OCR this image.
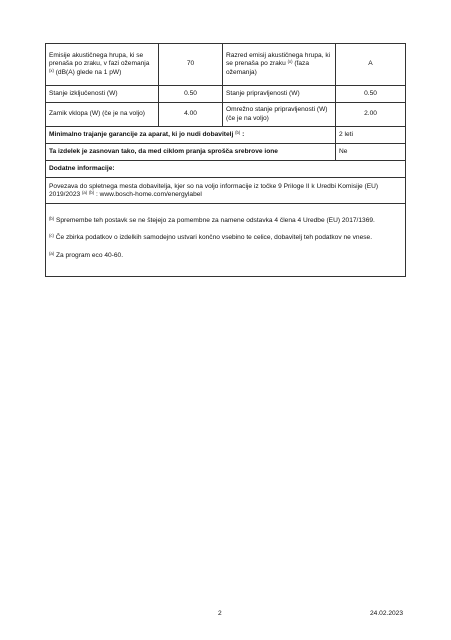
Emisije akustičnega hrupa, ki se prenaša po zraku, v fazi ožemanja $^{(x)}$ (dB(A) glede na 1 pW)	70	Razred emisij akustičnega hrupa, ki se prenaša po zraku $^{(x)}$ (faza ožemanja)	A
Stanje izključenosti (W)	0.50	Stanje pripravljenosti (W)	0.50
Zamik vklopa (W) (če je na voljo)	4.00	Omrežno stanje pripravljenosti (W) (če je na voljo)	2.00
Minimalno trajanje garancije za aparat, ki jo nudi dobavitelj $^{(b)}$ :			2 leti
Ta izdelek je zasnovan tako, da med ciklom pranja sprošča srebrove ione			Ne
Dodatne informacije:			

Povezava do spletnega mesta dobavitelja, kjer so na voljo informacije iz točke 9 Priloge II k Uredbi Komisije (EU) 2019/2023 $^{(a)}$ $^{(b)}$ : www.bosch-home.com/energylabel			

$^{(b)}$ Spremembe teh postavk se ne štejejo za pomembne za namene odstavka 4 člena 4 Uredbe (EU) 2017/1369.
$^{(c)}$ Če zbirka podatkov o izdelkih samodejno ustvari končno vsebino te celice, dobavitelj teh podatkov ne vnese.
$^{(a)}$ Za program eco 40-60.			
2	24.02.2023
